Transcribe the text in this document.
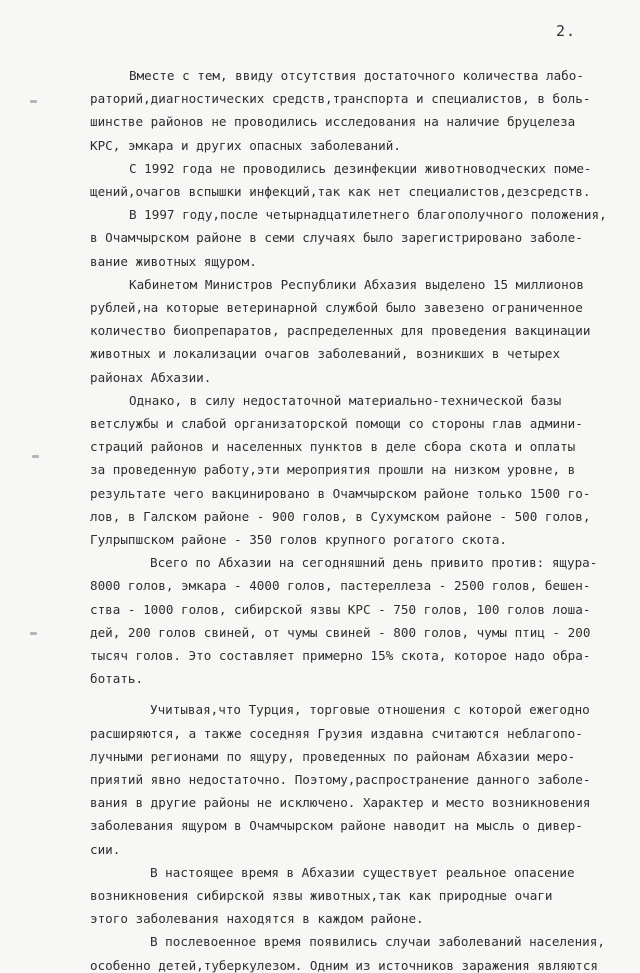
2.
Вместе с тем, ввиду отсутствия достаточного количества лабо-
раторий,диагностических средств,транспорта и специалистов, в боль-
шинстве районов не проводились исследования на наличие бруцелеза
КРС, эмкара и других опасных заболеваний.
С 1992 года не проводились дезинфекции животноводческих поме-
щений,очагов вспышки инфекций,так как нет специалистов,дезсредств.
В 1997 году,после четырнадцатилетнего благополучного положения,
в Очамчырском районе в семи случаях было зарегистрировано заболе-
вание животных ящуром.
Кабинетом Министров Республики Абхазия выделено 15 миллионов
рублей,на которые ветеринарной службой было завезено ограниченное
количество биопрепаратов, распределенных для проведения вакцинации
животных и локализации очагов заболеваний, возникших в четырех
районах Абхазии.
Однако, в силу недостаточной материально-технической базы
ветслужбы и слабой организаторской помощи со стороны глав админи-
страций районов и населенных пунктов в деле сбора скота и оплаты
за проведенную работу,эти мероприятия прошли на низком уровне, в
результате чего вакцинировано в Очамчырском районе только 1500 го-
лов, в Галском районе - 900 голов, в Сухумском районе - 500 голов,
Гулрыпшском районе - 350 голов крупного рогатого скота.
Всего по Абхазии на сегодняшний день привито против: ящура-
8000 голов, эмкара - 4000 голов, пастереллеза - 2500 голов, бешен-
ства - 1000 голов, сибирской язвы КРС - 750 голов, 100 голов лоша-
дей, 200 голов свиней, от чумы свиней - 800 голов, чумы птиц - 200
тысяч голов. Это составляет примерно 15% скота, которое надо обра-
ботать.
Учитывая,что Турция, торговые отношения с которой ежегодно
расширяются, а также соседняя Грузия издавна считаются неблагопо-
лучными регионами по ящуру, проведенных по районам Абхазии меро-
приятий явно недостаточно. Поэтому,распространение данного заболе-
вания в другие районы не исключено. Характер и место возникновения
заболевания ящуром в Очамчырском районе наводит на мысль о дивер-
сии.
В настоящее время в Абхазии существует реальное опасение
возникновения сибирской язвы животных,так как природные очаги
этого заболевания находятся в каждом районе.
В послевоенное время появились случаи заболеваний населения,
особенно детей,туберкулезом. Одним из источников заражения являются
